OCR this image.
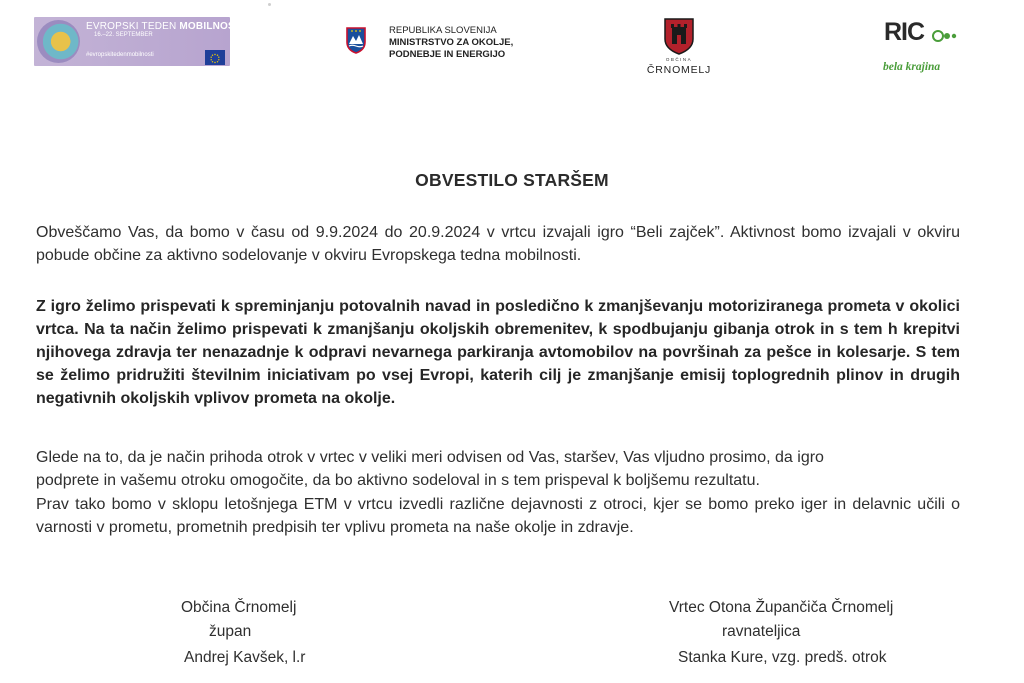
EVROPSKI TEDEN MOBILNOSTI
16.–22. SEPTEMBER
#evropskitedenmobilnosti
REPUBLIKA SLOVENIJA
MINISTRSTVO ZA OKOLJE,
PODNEBJE IN ENERGIJO	OBČINA
ČRNOMELJ
RIC
bela krajina
OBVESTILO STARŠEM

Obveščamo Vas, da bomo v času od 9.9.2024 do 20.9.2024 v vrtcu izvajali igro “Beli zajček”. Aktivnost bomo izvajali v okviru pobude občine za aktivno sodelovanje v okviru Evropskega tedna mobilnosti.

Z igro želimo prispevati k spreminjanju potovalnih navad in posledično k zmanjševanju motoriziranega prometa v okolici vrtca. Na ta način želimo prispevati k zmanjšanju okoljskih obremenitev, k spodbujanju gibanja otrok in s tem h krepitvi njihovega zdravja ter nenazadnje k odpravi nevarnega parkiranja avtomobilov na površinah za pešce in kolesarje. S tem se želimo pridružiti številnim iniciativam po vsej Evropi, katerih cilj je zmanjšanje emisij toplogrednih plinov in drugih negativnih okoljskih vplivov prometa na okolje.

Glede na to, da je način prihoda otrok v vrtec v veliki meri odvisen od Vas, staršev, Vas vljudno prosimo, da igro
podprete in vašemu otroku omogočite, da bo aktivno sodeloval in s tem prispeval k boljšemu rezultatu.

Prav tako bomo v sklopu letošnjega ETM v vrtcu izvedli različne dejavnosti z otroci, kjer se bomo preko iger in delavnic učili o varnosti v prometu, prometnih predpisih ter vplivu prometa na naše okolje in zdravje.

Občina Črnomelj
župan
Andrej Kavšek, l.r
Vrtec Otona Župančiča Črnomelj
ravnateljica
Stanka Kure, vzg. predš. otrok
